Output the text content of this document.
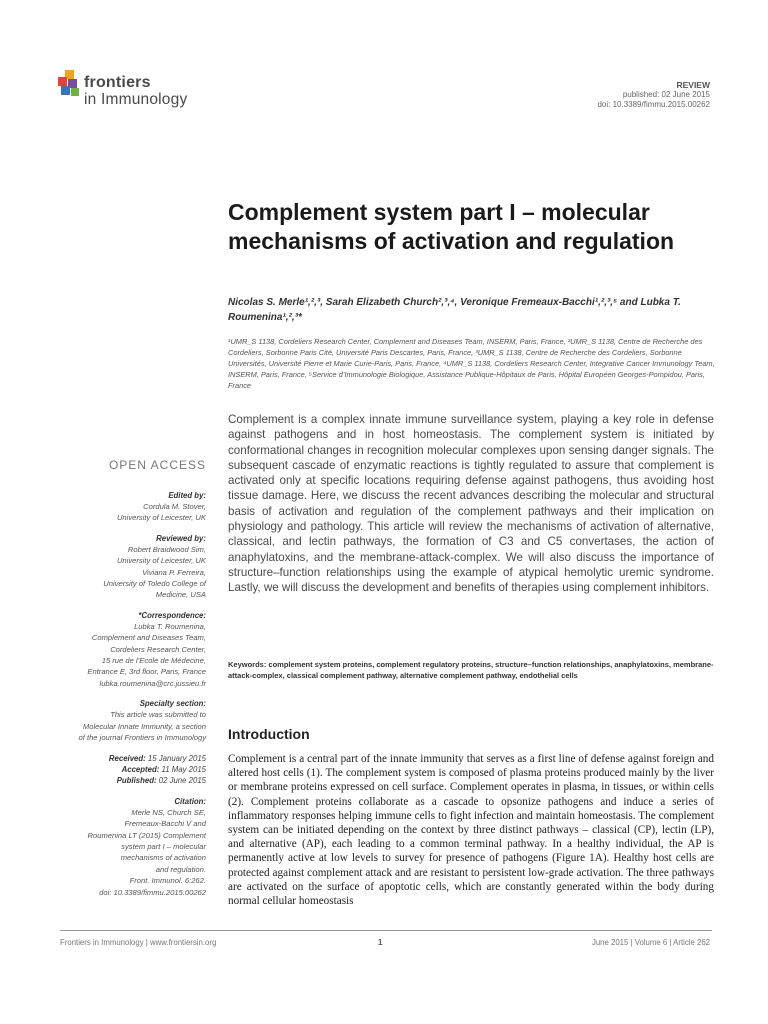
frontiers
in Immunology
REVIEW
published: 02 June 2015
doi: 10.3389/fimmu.2015.00262
Complement system part I – molecular mechanisms of activation and regulation

Nicolas S. Merle¹,²,³, Sarah Elizabeth Church²,³,⁴, Veronique Fremeaux-Bacchi¹,²,³,⁵ and Lubka T. Roumenina¹,²,³*

¹UMR_S 1138, Cordeliers Research Center, Complement and Diseases Team, INSERM, Paris, France, ²UMR_S 1138, Centre de Recherche des Cordeliers, Sorbonne Paris Cité, Université Paris Descartes, Paris, France, ³UMR_S 1138, Centre de Recherche des Cordeliers, Sorbonne Universités, Université Pierre et Marie Curie-Paris, Paris, France, ⁴UMR_S 1138, Cordeliers Research Center, Integrative Cancer Immunology Team, INSERM, Paris, France, ⁵Service d’Immunologie Biologique, Assistance Publique-Hôpitaux de Paris, Hôpital Européen Georges-Pompidou, Paris, France

Complement is a complex innate immune surveillance system, playing a key role in defense against pathogens and in host homeostasis. The complement system is initiated by conformational changes in recognition molecular complexes upon sensing danger signals. The subsequent cascade of enzymatic reactions is tightly regulated to assure that complement is activated only at specific locations requiring defense against pathogens, thus avoiding host tissue damage. Here, we discuss the recent advances describing the molecular and structural basis of activation and regulation of the complement pathways and their implication on physiology and pathology. This article will review the mechanisms of activation of alternative, classical, and lectin pathways, the formation of C3 and C5 convertases, the action of anaphylatoxins, and the membrane-attack-complex. We will also discuss the importance of structure–function relationships using the example of atypical hemolytic uremic syndrome. Lastly, we will discuss the development and benefits of therapies using complement inhibitors.

Keywords: complement system proteins, complement regulatory proteins, structure–function relationships, anaphylatoxins, membrane-attack-complex, classical complement pathway, alternative complement pathway, endothelial cells

Introduction

Complement is a central part of the innate immunity that serves as a first line of defense against foreign and altered host cells (1). The complement system is composed of plasma proteins produced mainly by the liver or membrane proteins expressed on cell surface. Complement operates in plasma, in tissues, or within cells (2). Complement proteins collaborate as a cascade to opsonize pathogens and induce a series of inflammatory responses helping immune cells to fight infection and maintain homeostasis. The complement system can be initiated depending on the context by three distinct pathways – classical (CP), lectin (LP), and alternative (AP), each leading to a common terminal pathway. In a healthy individual, the AP is permanently active at low levels to survey for presence of pathogens (Figure 1A). Healthy host cells are protected against complement attack and are resistant to persistent low-grade activation. The three pathways are activated on the surface of apoptotic cells, which are constantly generated within the body during normal cellular homeostasis

OPEN ACCESS

Edited by:

Cordula M. Stover,
University of Leicester, UK

Reviewed by:

Robert Braidwood Sim,
University of Leicester, UK
Viviana P. Ferreira,
University of Toledo College of
Medicine, USA

*Correspondence:

Lubka T. Roumenina,
Complement and Diseases Team,
Cordeliers Research Center,
15 rue de l’Ecole de Médecine,
Entrance E, 3rd floor, Paris, France
lubka.roumenina@crc.jussieu.fr

Specialty section:

This article was submitted to
Molecular Innate Immunity, a section
of the journal Frontiers in Immunology

Received: 15 January 2015
Accepted: 11 May 2015
Published: 02 June 2015

Citation:

Merle NS, Church SE,
Fremeaux-Bacchi V and
Roumenina LT (2015) Complement
system part I – molecular
mechanisms of activation
and regulation.
Front. Immunol. 6:262.
doi: 10.3389/fimmu.2015.00262

Frontiers in Immunology | www.frontiersin.org	1	June 2015 | Volume 6 | Article 262
